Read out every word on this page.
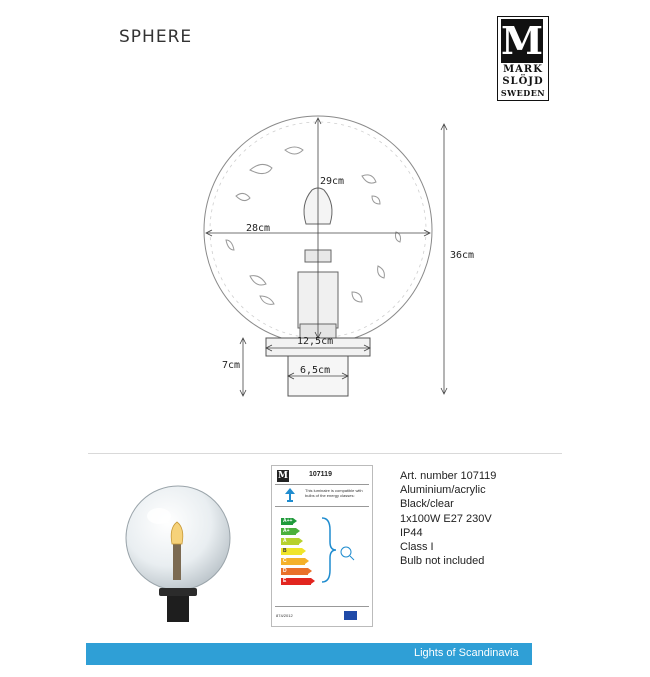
SPHERE	M
MARK
SLÖJD
SWEDEN
29cm
28cm
36cm
12,5cm
6,5cm
7cm
M	107119
This luminaire is compatible with bulbs of the energy classes:
A++
A+
A
B
C
D
E
874/2012
Art. number 107119
Aluminium/acrylic
Black/clear
1x100W E27 230V
IP44
Class I
Bulb not included
Lights of Scandinavia
